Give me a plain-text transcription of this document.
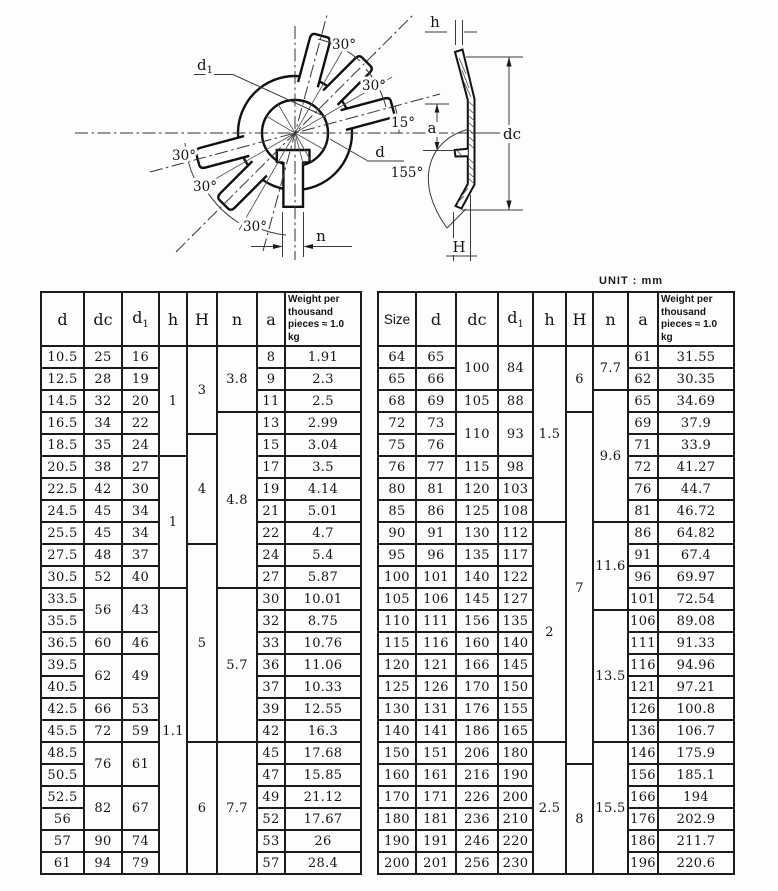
d1
d
n
30°
30°
15°
30°
30°
30°
h
a	dc
H
155°
UNIT : mm
d	dc	$d_1$	h	H	n	a	Weight per thousand pieces ≈ 1.0 kg
10.5	25	16	1	3	3.8	8	1.91
12.5	28	19				9	2.3
14.5	32	20				11	2.5
16.5	34	22			4.8	13	2.99
18.5	35	24		4		15	3.04
20.5	38	27	1			17	3.5
22.5	42	30				19	4.14
24.5	45	34				21	5.01
25.5	45	34				22	4.7
27.5	48	37		5		24	5.4
30.5	52	40				27	5.87
33.5	56	43	1.1		5.7	30	10.01
35.5						32	8.75
36.5	60	46				33	10.76
39.5	62	49				36	11.06
40.5						37	10.33
42.5	66	53				39	12.55
45.5	72	59				42	16.3
48.5	76	61		6	7.7	45	17.68
50.5						47	15.85
52.5	82	67				49	21.12
56						52	17.67
57	90	74				53	26
61	94	79				57	28.4
Size	d	dc	$d_1$	h	H	n	a	Weight per thousand pieces ≈ 1.0 kg
64	65	100	84	1.5	6	7.7	61	31.55
65	66						62	30.35
68	69	105	88			9.6	65	34.69
72	73	110	93		7		69	37.9
75	76						71	33.9
76	77	115	98				72	41.27
80	81	120	103				76	44.7
85	86	125	108				81	46.72
90	91	130	112	2		11.6	86	64.82
95	96	135	117				91	67.4
100	101	140	122				96	69.97
105	106	145	127				101	72.54
110	111	156	135			13.5	106	89.08
115	116	160	140				111	91.33
120	121	166	145				116	94.96
125	126	170	150				121	97.21
130	131	176	155				126	100.8
140	141	186	165				136	106.7
150	151	206	180	2.5		15.5	146	175.9
160	161	216	190		8		156	185.1
170	171	226	200				166	194
180	181	236	210				176	202.9
190	191	246	220				186	211.7
200	201	256	230				196	220.6
